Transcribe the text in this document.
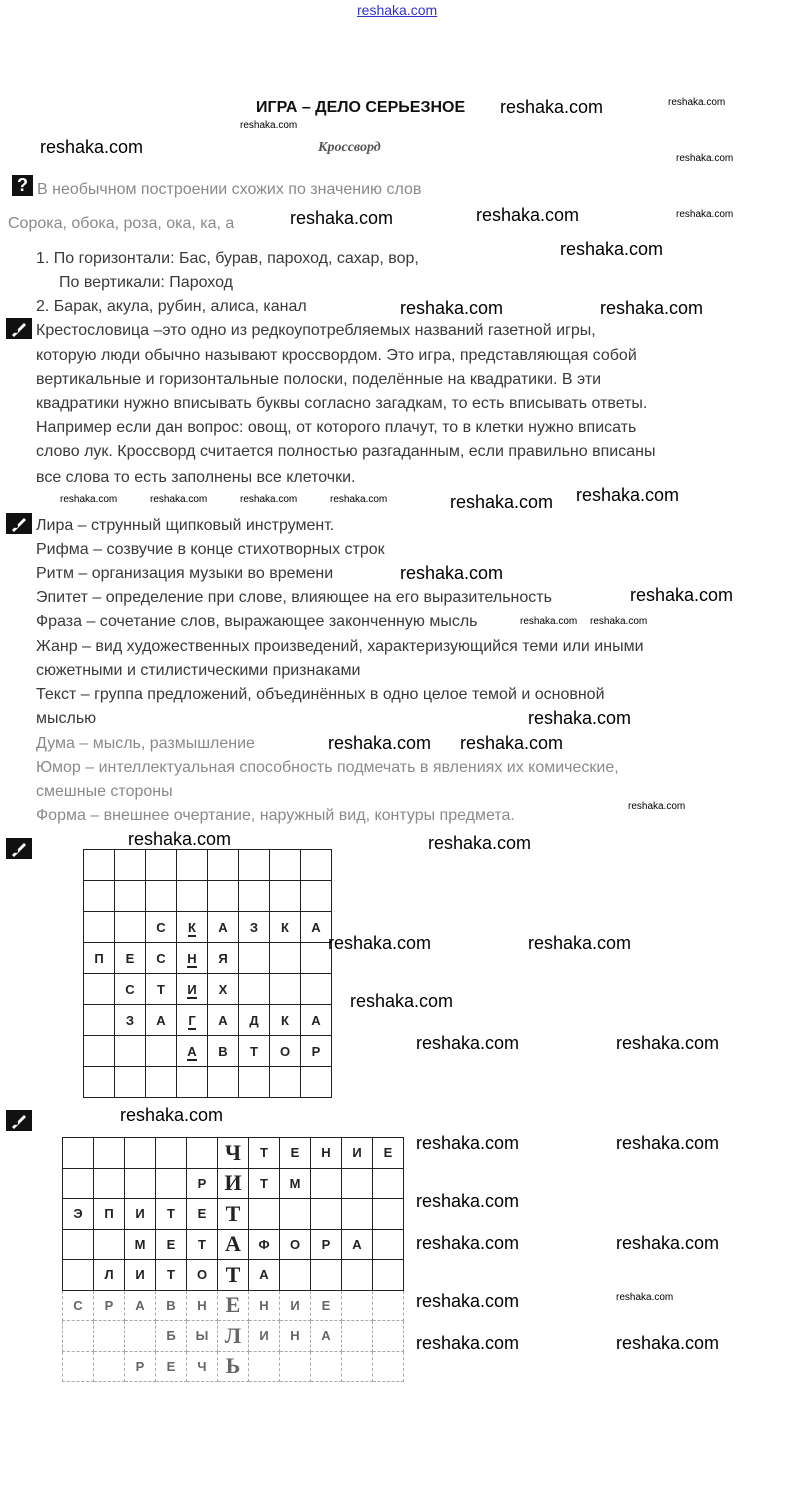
reshaka.com
ИГРА – ДЕЛО СЕРЬЕЗНОЕ
Кроссворд
? В необычном построении схожих по значению слов
Сорока, обока, роза, ока, ка, а
1. По горизонтали: Бас, бурав, пароход, сахар, вор,
По вертикали: Пароход
2. Барак, акула, рубин, алиса, канал
Крестословица –это одно из редкоупотребляемых названий газетной игры,
которую люди обычно называют кроссвордом. Это игра, представляющая собой
вертикальные и горизонтальные полоски, поделённые на квадратики. В эти
квадратики нужно вписывать буквы согласно загадкам, то есть вписывать ответы.
Например если дан вопрос: овощ, от которого плачут, то в клетки нужно вписать
слово лук. Кроссворд считается полностью разгаданным, если правильно вписаны
все слова то есть заполнены все клеточки.
Лира – струнный щипковый инструмент.
Рифма – созвучие в конце стихотворных строк
Ритм – организация музыки во времени
Эпитет – определение при слове, влияющее на его выразительность
Фраза – сочетание слов, выражающее законченную мысль
Жанр – вид художественных произведений, характеризующийся теми или иными
сюжетными и стилистическими признаками
Текст – группа предложений, объединённых в одно целое темой и основной
мыслью
Дума – мысль, размышление
Юмор – интеллектуальная способность подмечать в явлениях их комические,
смешные стороны
Форма – внешнее очертание, наружный вид, контуры предмета.

		С	К	А	З	К	А
П	Е	С	Н	Я			
	С	Т	И	Х			
	З	А	Г	А	Д	К	А
			А	В	Т	О	Р

					Ч	Т	Е	Н	И	Е
				Р	И	Т	М			
Э	П	И	Т	Е	Т					
		М	Е	Т	А	Ф	О	Р	А	
	Л	И	Т	О	Т	А				
С	Р	А	В	Н	Е	Н	И	Е		
			Б	Ы	Л	И	Н	А		
		Р	Е	Ч	Ь					
reshaka.com
reshaka.com
reshaka.com	reshaka.com
reshaka.com
reshaka.com	reshaka.com
reshaka.com reshaka.com
reshaka.com
reshaka.com
reshaka.com
reshaka.com
reshaka.com
reshaka.com	reshaka.com
reshaka.com	reshaka.com
reshaka.com
reshaka.com	reshaka.com
reshaka.com
reshaka.com	reshaka.com
reshaka.com
reshaka.com	reshaka.com
reshaka.com
reshaka.com	reshaka.com
reshaka.com
reshaka.com
reshaka.com
reshaka.com
reshaka.com	reshaka.com	reshaka.com	reshaka.com
reshaka.com reshaka.com
reshaka.com
reshaka.com
